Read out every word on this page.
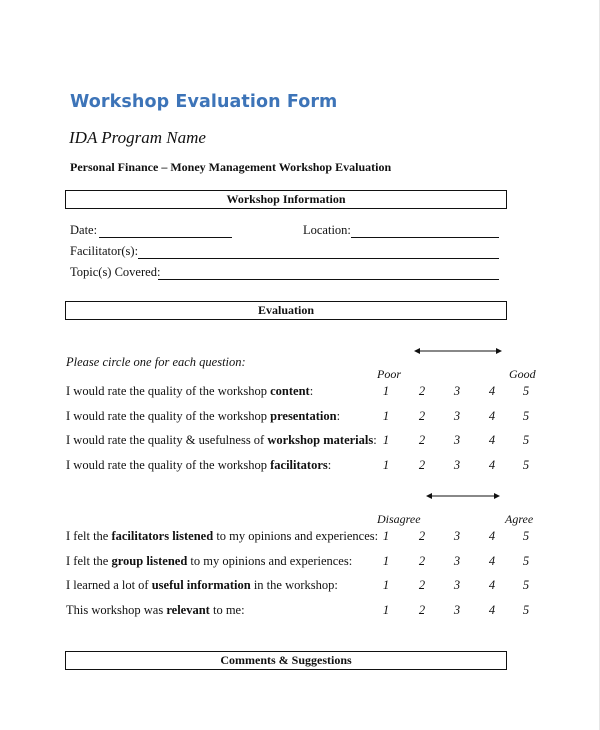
Workshop Evaluation Form
IDA Program Name
Personal Finance – Money Management Workshop Evaluation
Workshop Information
Date:	Location:
Facilitator(s):
Topic(s) Covered:
Evaluation
Please circle one for each question:
Poor	Good
I would rate the quality of the workshop content:	1 2 3 4 5
I would rate the quality of the workshop presentation:	1 2 3 4 5
I would rate the quality & usefulness of workshop materials: 1 2 3 4 5
I would rate the quality of the workshop facilitators:	1 2 3 4 5
Disagree	Agree
I felt the facilitators listened to my opinions and experiences: 1 2 3 4 5
I felt the group listened to my opinions and experiences: 1 2 3 4 5
I learned a lot of useful information in the workshop:	1 2 3 4 5
This workshop was relevant to me:	1 2 3 4 5
Comments & Suggestions
